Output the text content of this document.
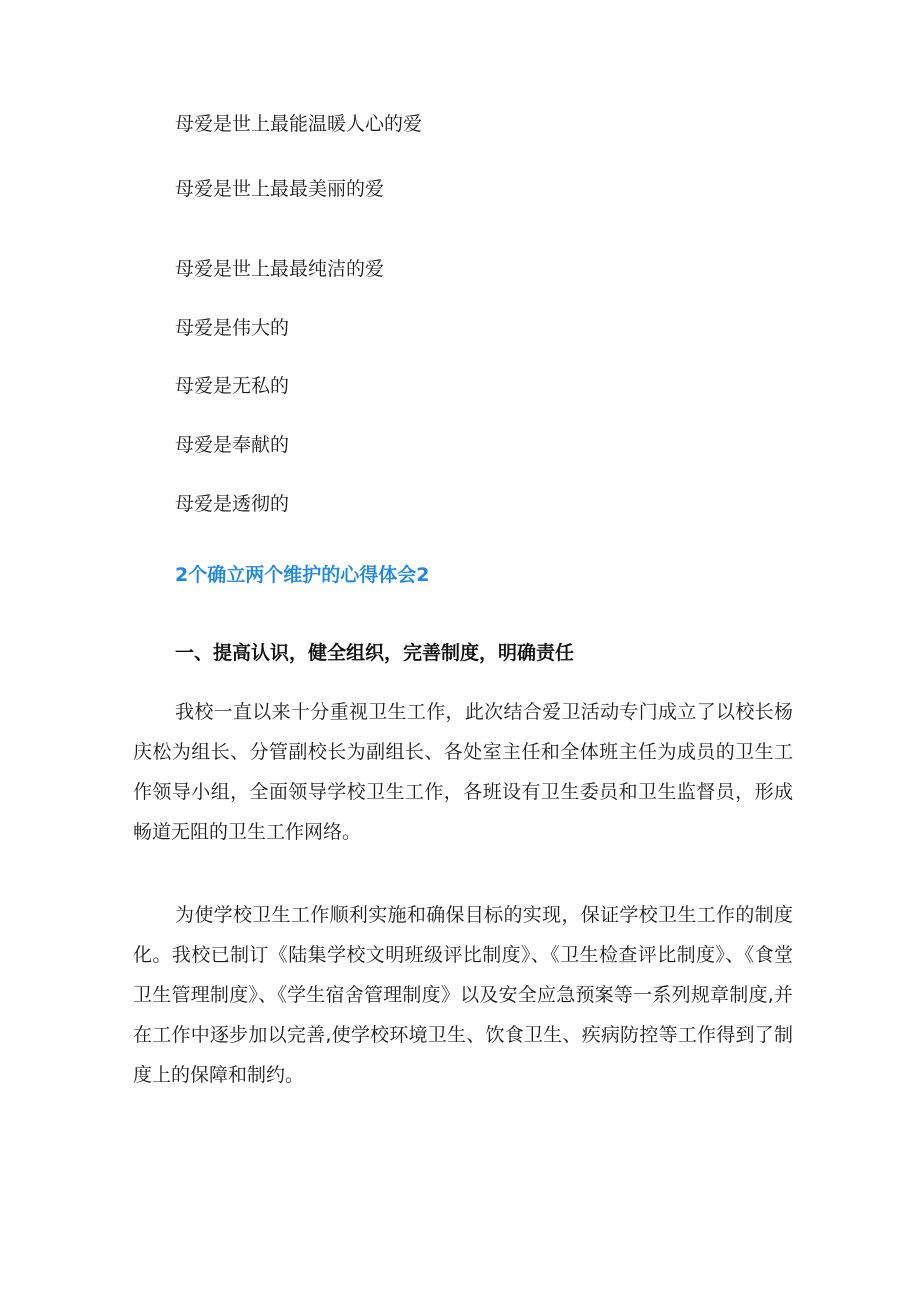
母爱是世上最能温暖人心的爱

母爱是世上最最美丽的爱

母爱是世上最最纯洁的爱

母爱是伟大的

母爱是无私的

母爱是奉献的

母爱是透彻的

2个确立两个维护的心得体会2
一、提高认识，健全组织，完善制度，明确责任

我校一直以来十分重视卫生工作，此次结合爱卫活动专门成立了以校长杨庆松为组长、分管副校长为副组长、各处室主任和全体班主任为成员的卫生工作领导小组，全面领导学校卫生工作，各班设有卫生委员和卫生监督员，形成畅道无阻的卫生工作网络。

为使学校卫生工作顺利实施和确保目标的实现，保证学校卫生工作的制度化。我校已制订《陆集学校文明班级评比制度》、《卫生检查评比制度》、《食堂卫生管理制度》、《学生宿舍管理制度》以及安全应急预案等一系列规章制度,并在工作中逐步加以完善,使学校环境卫生、饮食卫生、疾病防控等工作得到了制度上的保障和制约。
